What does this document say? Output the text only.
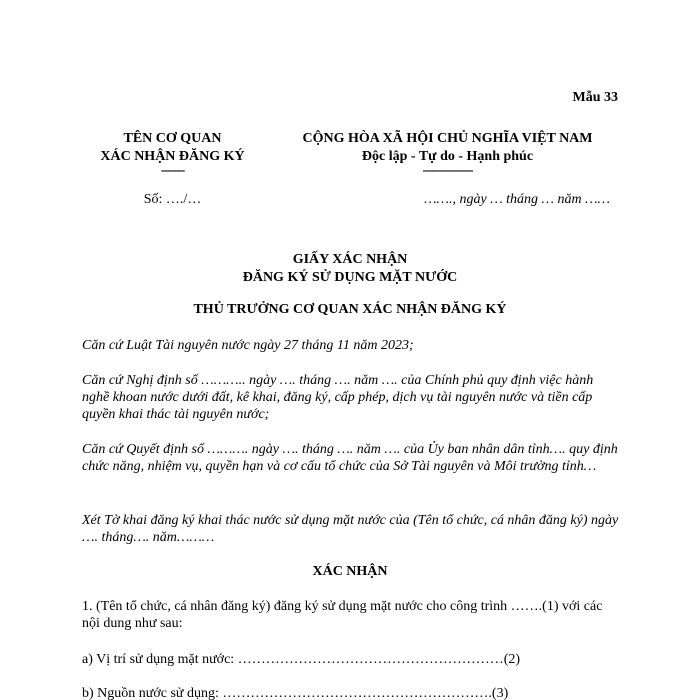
Mẫu 33
TÊN CƠ QUAN
XÁC NHẬN ĐĂNG KÝ
-------
CỘNG HÒA XÃ HỘI CHỦ NGHĨA VIỆT NAM
Độc lập - Tự do - Hạnh phúc
---------------
Số: …./…	……., ngày … tháng … năm ……
GIẤY XÁC NHẬN
ĐĂNG KÝ SỬ DỤNG MẶT NƯỚC
THỦ TRƯỞNG CƠ QUAN XÁC NHẬN ĐĂNG KÝ
Căn cứ Luật Tài nguyên nước ngày 27 tháng 11 năm 2023;
Căn cứ Nghị định số ……….. ngày …. tháng …. năm …. của Chính phủ quy định việc hành nghề khoan nước dưới đất, kê khai, đăng ký, cấp phép, dịch vụ tài nguyên nước và tiền cấp quyền khai thác tài nguyên nước;
Căn cứ Quyết định số ………. ngày …. tháng …. năm …. của Ủy ban nhân dân tỉnh…. quy định chức năng, nhiệm vụ, quyền hạn và cơ cấu tổ chức của Sở Tài nguyên và Môi trường tỉnh…
Xét Tờ khai đăng ký khai thác nước sử dụng mặt nước của (Tên tổ chức, cá nhân đăng ký) ngày …. tháng…. năm………
XÁC NHẬN
1. (Tên tổ chức, cá nhân đăng ký) đăng ký sử dụng mặt nước cho công trình …….(1) với các nội dung như sau:
a) Vị trí sử dụng mặt nước: …………………………………………………(2)
b) Nguồn nước sử dụng: ………………………………………………….(3)
